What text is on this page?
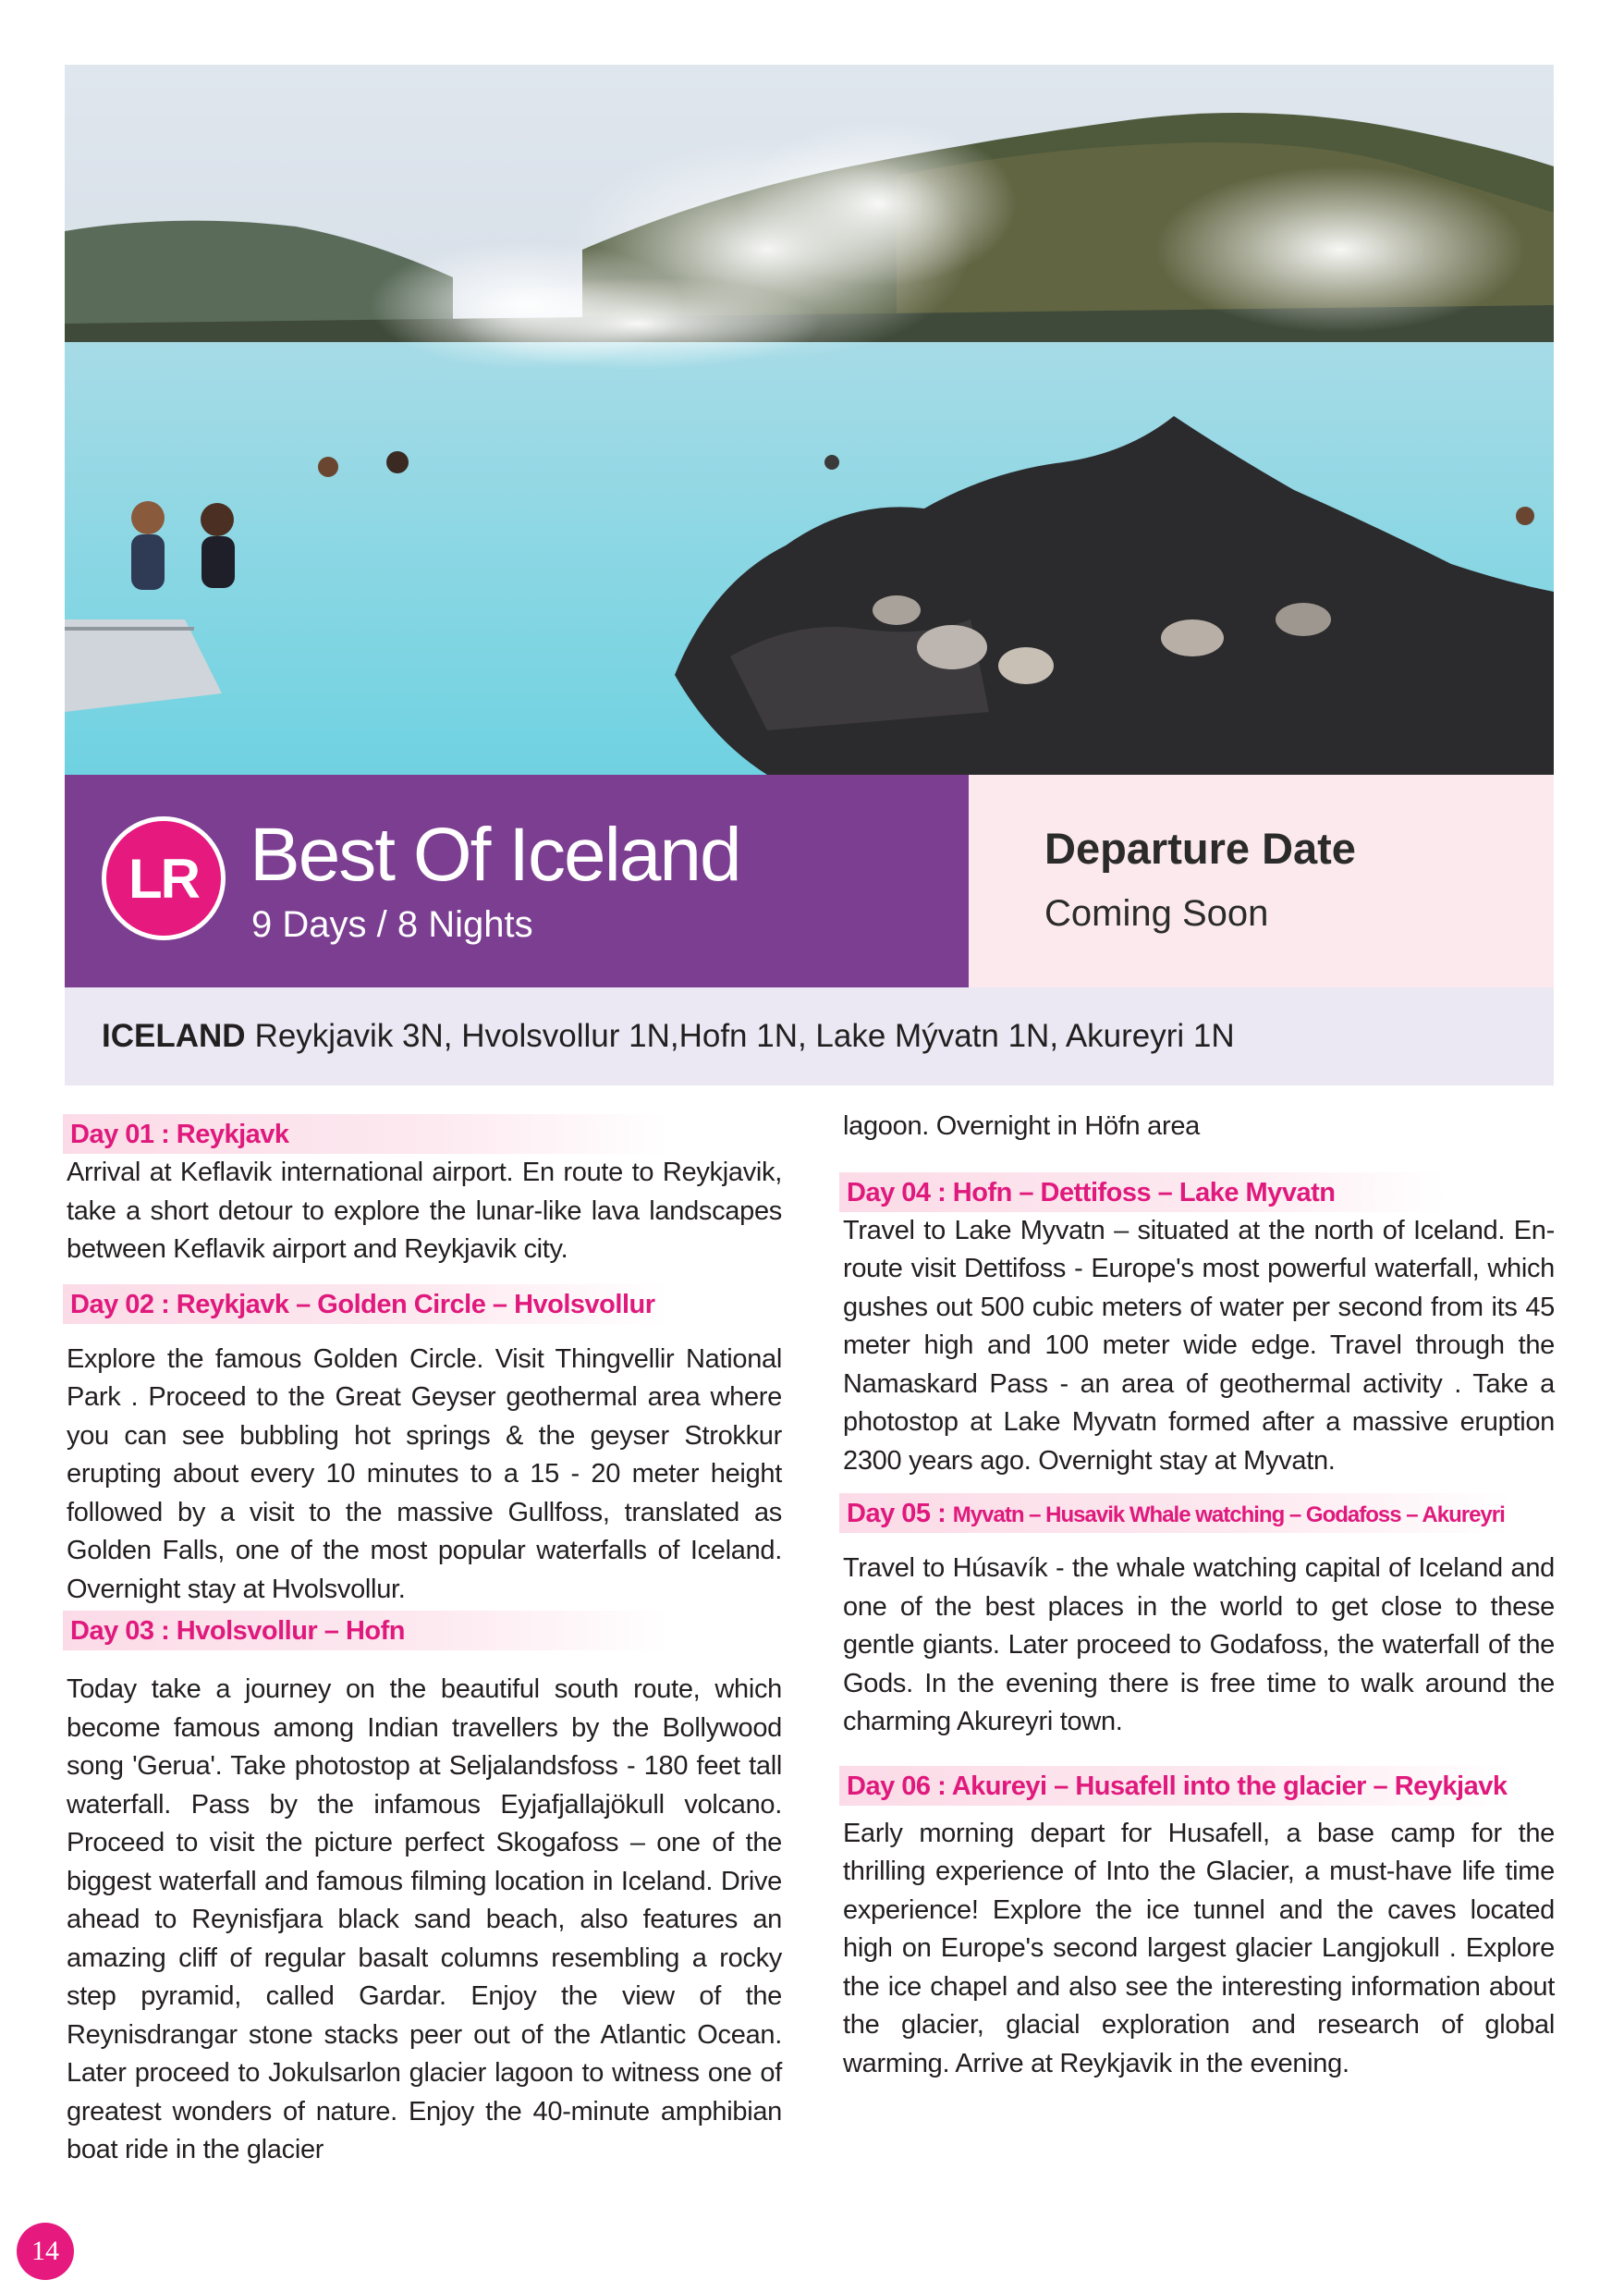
LR Best Of Iceland
9 Days / 8 Nights
Departure Date
Coming Soon
ICELAND Reykjavik 3N, Hvolsvollur 1N,Hofn 1N, Lake Mývatn 1N, Akureyri 1N
Day 01 : Reykjavk

Arrival at Keflavik international airport. En route to Reykjavik, take a short detour to explore the lunar-like lava landscapes between Keflavik airport and Reykjavik city.

Day 02 : Reykjavk – Golden Circle – Hvolsvollur

Explore the famous Golden Circle. Visit Thingvellir National Park . Proceed to the Great Geyser geothermal area where you can see bubbling hot springs & the geyser Strokkur erupting about every 10 minutes to a 15 - 20 meter height followed by a visit to the massive Gullfoss, translated as Golden Falls, one of the most popular waterfalls of Iceland. Overnight stay at Hvolsvollur.

Day 03 : Hvolsvollur – Hofn

Today take a journey on the beautiful south route, which become famous among Indian travellers by the Bollywood song 'Gerua'. Take photostop at Seljalandsfoss - 180 feet tall waterfall. Pass by the infamous Eyjafjallajökull volcano. Proceed to visit the picture perfect Skogafoss – one of the biggest waterfall and famous filming location in Iceland. Drive ahead to Reynisfjara black sand beach, also features an amazing cliff of regular basalt columns resembling a rocky step pyramid, called Gardar. Enjoy the view of the Reynisdrangar stone stacks peer out of the Atlantic Ocean. Later proceed to Jokulsarlon glacier lagoon to witness one of greatest wonders of nature. Enjoy the 40-minute amphibian boat ride in the glacier

lagoon. Overnight in Höfn area

Day 04 : Hofn – Dettifoss – Lake Myvatn

Travel to Lake Myvatn – situated at the north of Iceland. En-route visit Dettifoss - Europe's most powerful waterfall, which gushes out 500 cubic meters of water per second from its 45 meter high and 100 meter wide edge. Travel through the Namaskard Pass - an area of geothermal activity . Take a photostop at Lake Myvatn formed after a massive eruption 2300 years ago. Overnight stay at Myvatn.

Day 05 : Myvatn – Husavik Whale watching – Godafoss – Akureyri

Travel to Húsavík - the whale watching capital of Iceland and one of the best places in the world to get close to these gentle giants. Later proceed to Godafoss, the waterfall of the Gods. In the evening there is free time to walk around the charming Akureyri town.

Day 06 : Akureyi – Husafell into the glacier – Reykjavk

Early morning depart for Husafell, a base camp for the thrilling experience of Into the Glacier, a must-have life time experience! Explore the ice tunnel and the caves located high on Europe's second largest glacier Langjokull . Explore the ice chapel and also see the interesting information about the glacier, glacial exploration and research of global warming. Arrive at Reykjavik in the evening.

14
